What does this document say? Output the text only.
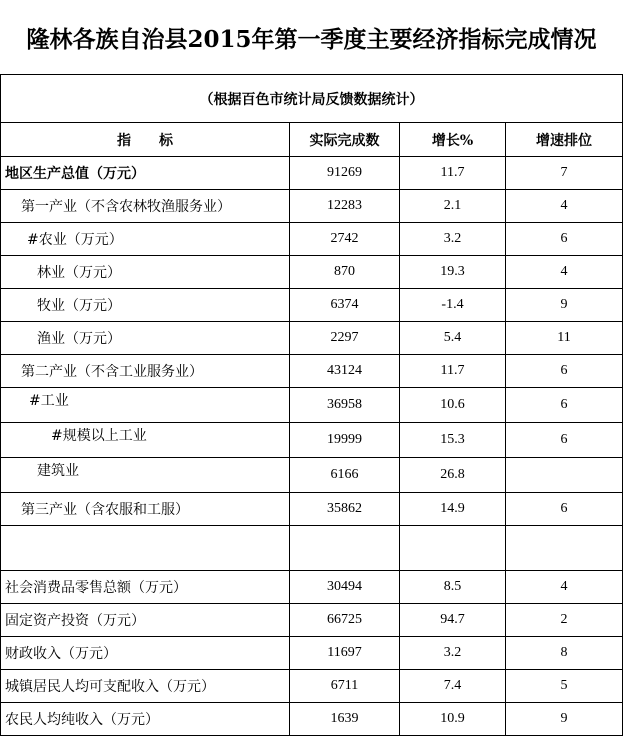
隆林各族自治县2015年第一季度主要经济指标完成情况
（根据百色市统计局反馈数据统计）			
指　　标	实际完成数	增长%	增速排位
地区生产总值（万元）	91269	11.7	7
第一产业（不含农林牧渔服务业）	12283	2.1	4
#农业（万元）	2742	3.2	6
林业（万元）	870	19.3	4
牧业（万元）	6374	-1.4	9
渔业（万元）	2297	5.4	11
第二产业（不含工业服务业）	43124	11.7	6
#工业	36958	10.6	6
#规模以上工业	19999	15.3	6
建筑业	6166	26.8	
第三产业（含农服和工服）	35862	14.9	6

社会消费品零售总额（万元）	30494	8.5	4
固定资产投资（万元）	66725	94.7	2
财政收入（万元）	11697	3.2	8
城镇居民人均可支配收入（万元）	6711	7.4	5
农民人均纯收入（万元）	1639	10.9	9
